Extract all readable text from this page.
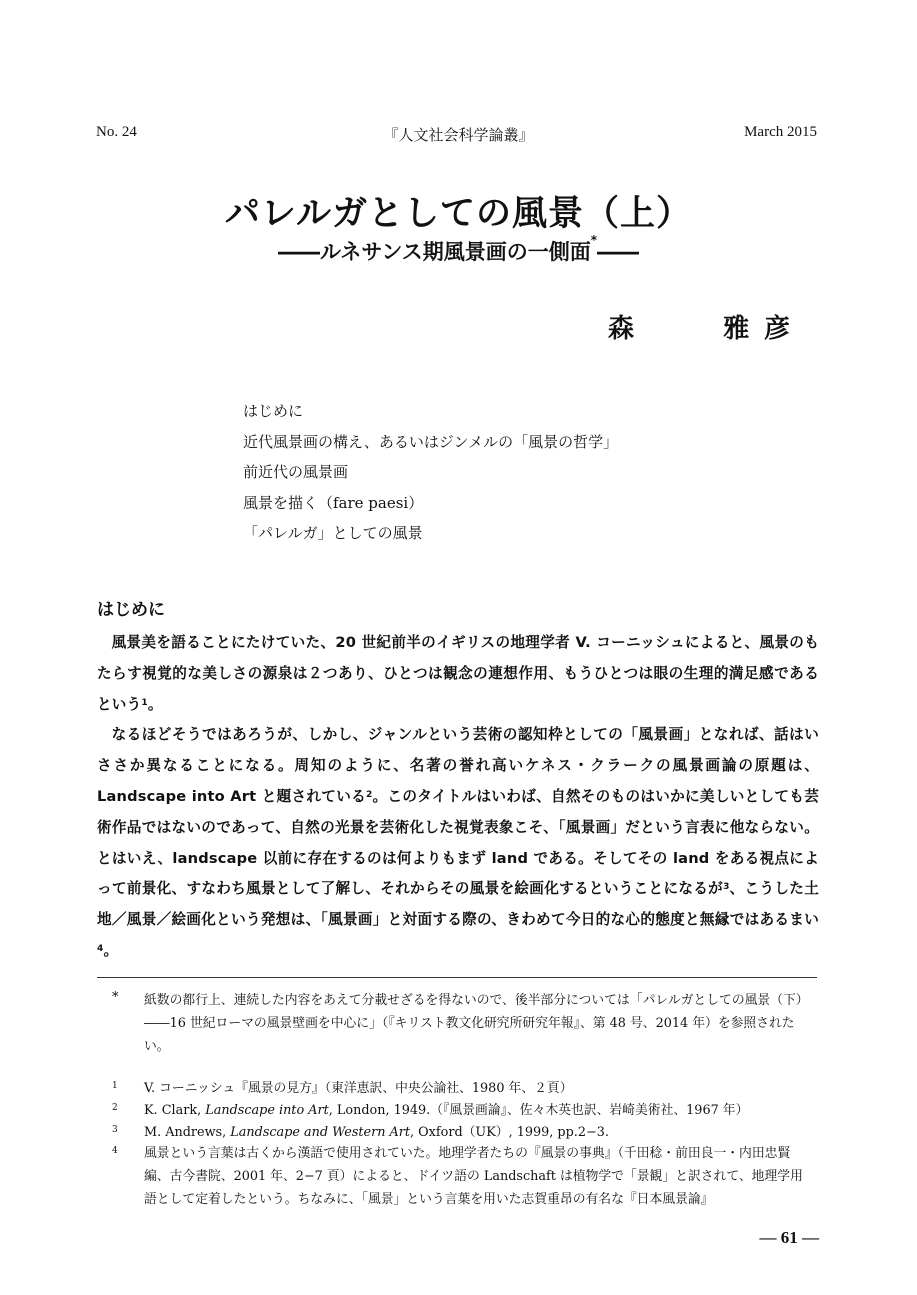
No. 24	『人文社会科学論叢』	March 2015
パレルガとしての風景（上）
――ルネサンス期風景画の一側面*――
森	雅 彦
はじめに
近代風景画の構え、あるいはジンメルの「風景の哲学」
前近代の風景画
風景を描く（fare paesi）
「パレルガ」としての風景
はじめに

風景美を語ることにたけていた、20 世紀前半のイギリスの地理学者 V. コーニッシュによると、風景のもたらす視覚的な美しさの源泉は２つあり、ひとつは観念の連想作用、もうひとつは眼の生理的満足感であるという$^1$。

なるほどそうではあろうが、しかし、ジャンルという芸術の認知枠としての「風景画」となれば、話はいささか異なることになる。周知のように、名著の誉れ高いケネス・クラークの風景画論の原題は、Landscape into Art と題されている$^2$。このタイトルはいわば、自然そのものはいかに美しいとしても芸術作品ではないのであって、自然の光景を芸術化した視覚表象こそ、「風景画」だという言表に他ならない。とはいえ、landscape 以前に存在するのは何よりもまず land である。そしてその land をある視点によって前景化、すなわち風景として了解し、それからその風景を絵画化するということになるが$^3$、こうした土地／風景／絵画化という発想は、「風景画」と対面する際の、きわめて今日的な心的態度と無縁ではあるまい$^4$。

* 紙数の都行上、連続した内容をあえて分載せざるを得ないので、後半部分については「パレルガとしての風景（下）――16 世紀ローマの風景壁画を中心に」（『キリスト教文化研究所研究年報』、第 48 号、2014 年）を参照されたい。
1 V. コーニッシュ『風景の見方』（東洋恵訳、中央公論社、1980 年、２頁）
2 K. Clark, Landscape into Art, London, 1949.（『風景画論』、佐々木英也訳、岩崎美術社、1967 年）
3 M. Andrews, Landscape and Western Art, Oxford（UK）, 1999, pp.2−3.
4 風景という言葉は古くから漢語で使用されていた。地理学者たちの『風景の事典』（千田稔・前田良一・内田忠賢編、古今書院、2001 年、2−7 頁）によると、ドイツ語の Landschaft は植物学で「景観」と訳されて、地理学用語として定着したという。ちなみに、「風景」という言葉を用いた志賀重昂の有名な『日本風景論』
― 61 ―
